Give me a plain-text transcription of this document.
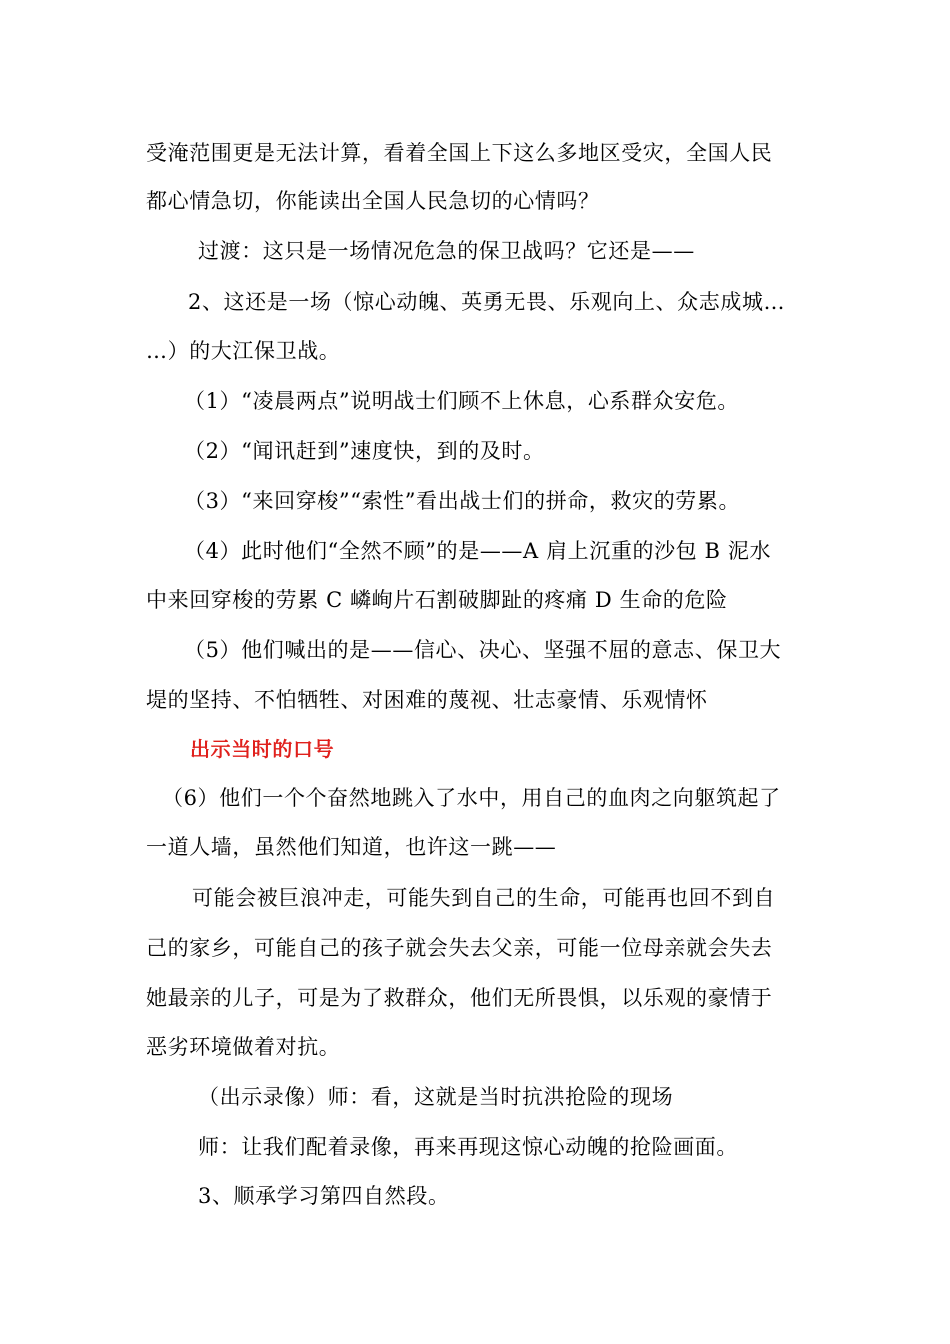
受淹范围更是无法计算，看着全国上下这么多地区受灾，全国人民
都心情急切，你能读出全国人民急切的心情吗？
过渡：这只是一场情况危急的保卫战吗？它还是——
2、这还是一场（惊心动魄、英勇无畏、乐观向上、众志成城…
…）的大江保卫战。
（1）“凌晨两点”说明战士们顾不上休息，心系群众安危。
（2）“闻讯赶到”速度快，到的及时。
（3）“来回穿梭”“索性”看出战士们的拼命，救灾的劳累。
（4）此时他们“全然不顾”的是——A 肩上沉重的沙包 B 泥水
中来回穿梭的劳累 C 嶙峋片石割破脚趾的疼痛 D 生命的危险
（5）他们喊出的是——信心、决心、坚强不屈的意志、保卫大
堤的坚持、不怕牺牲、对困难的蔑视、壮志豪情、乐观情怀
出示当时的口号
（6）他们一个个奋然地跳入了水中，用自己的血肉之向躯筑起了
一道人墙，虽然他们知道，也许这一跳——
可能会被巨浪冲走，可能失到自己的生命，可能再也回不到自
己的家乡，可能自己的孩子就会失去父亲，可能一位母亲就会失去
她最亲的儿子，可是为了救群众，他们无所畏惧，以乐观的豪情于
恶劣环境做着对抗。
（出示录像）师：看，这就是当时抗洪抢险的现场
师：让我们配着录像，再来再现这惊心动魄的抢险画面。
3、顺承学习第四自然段。
